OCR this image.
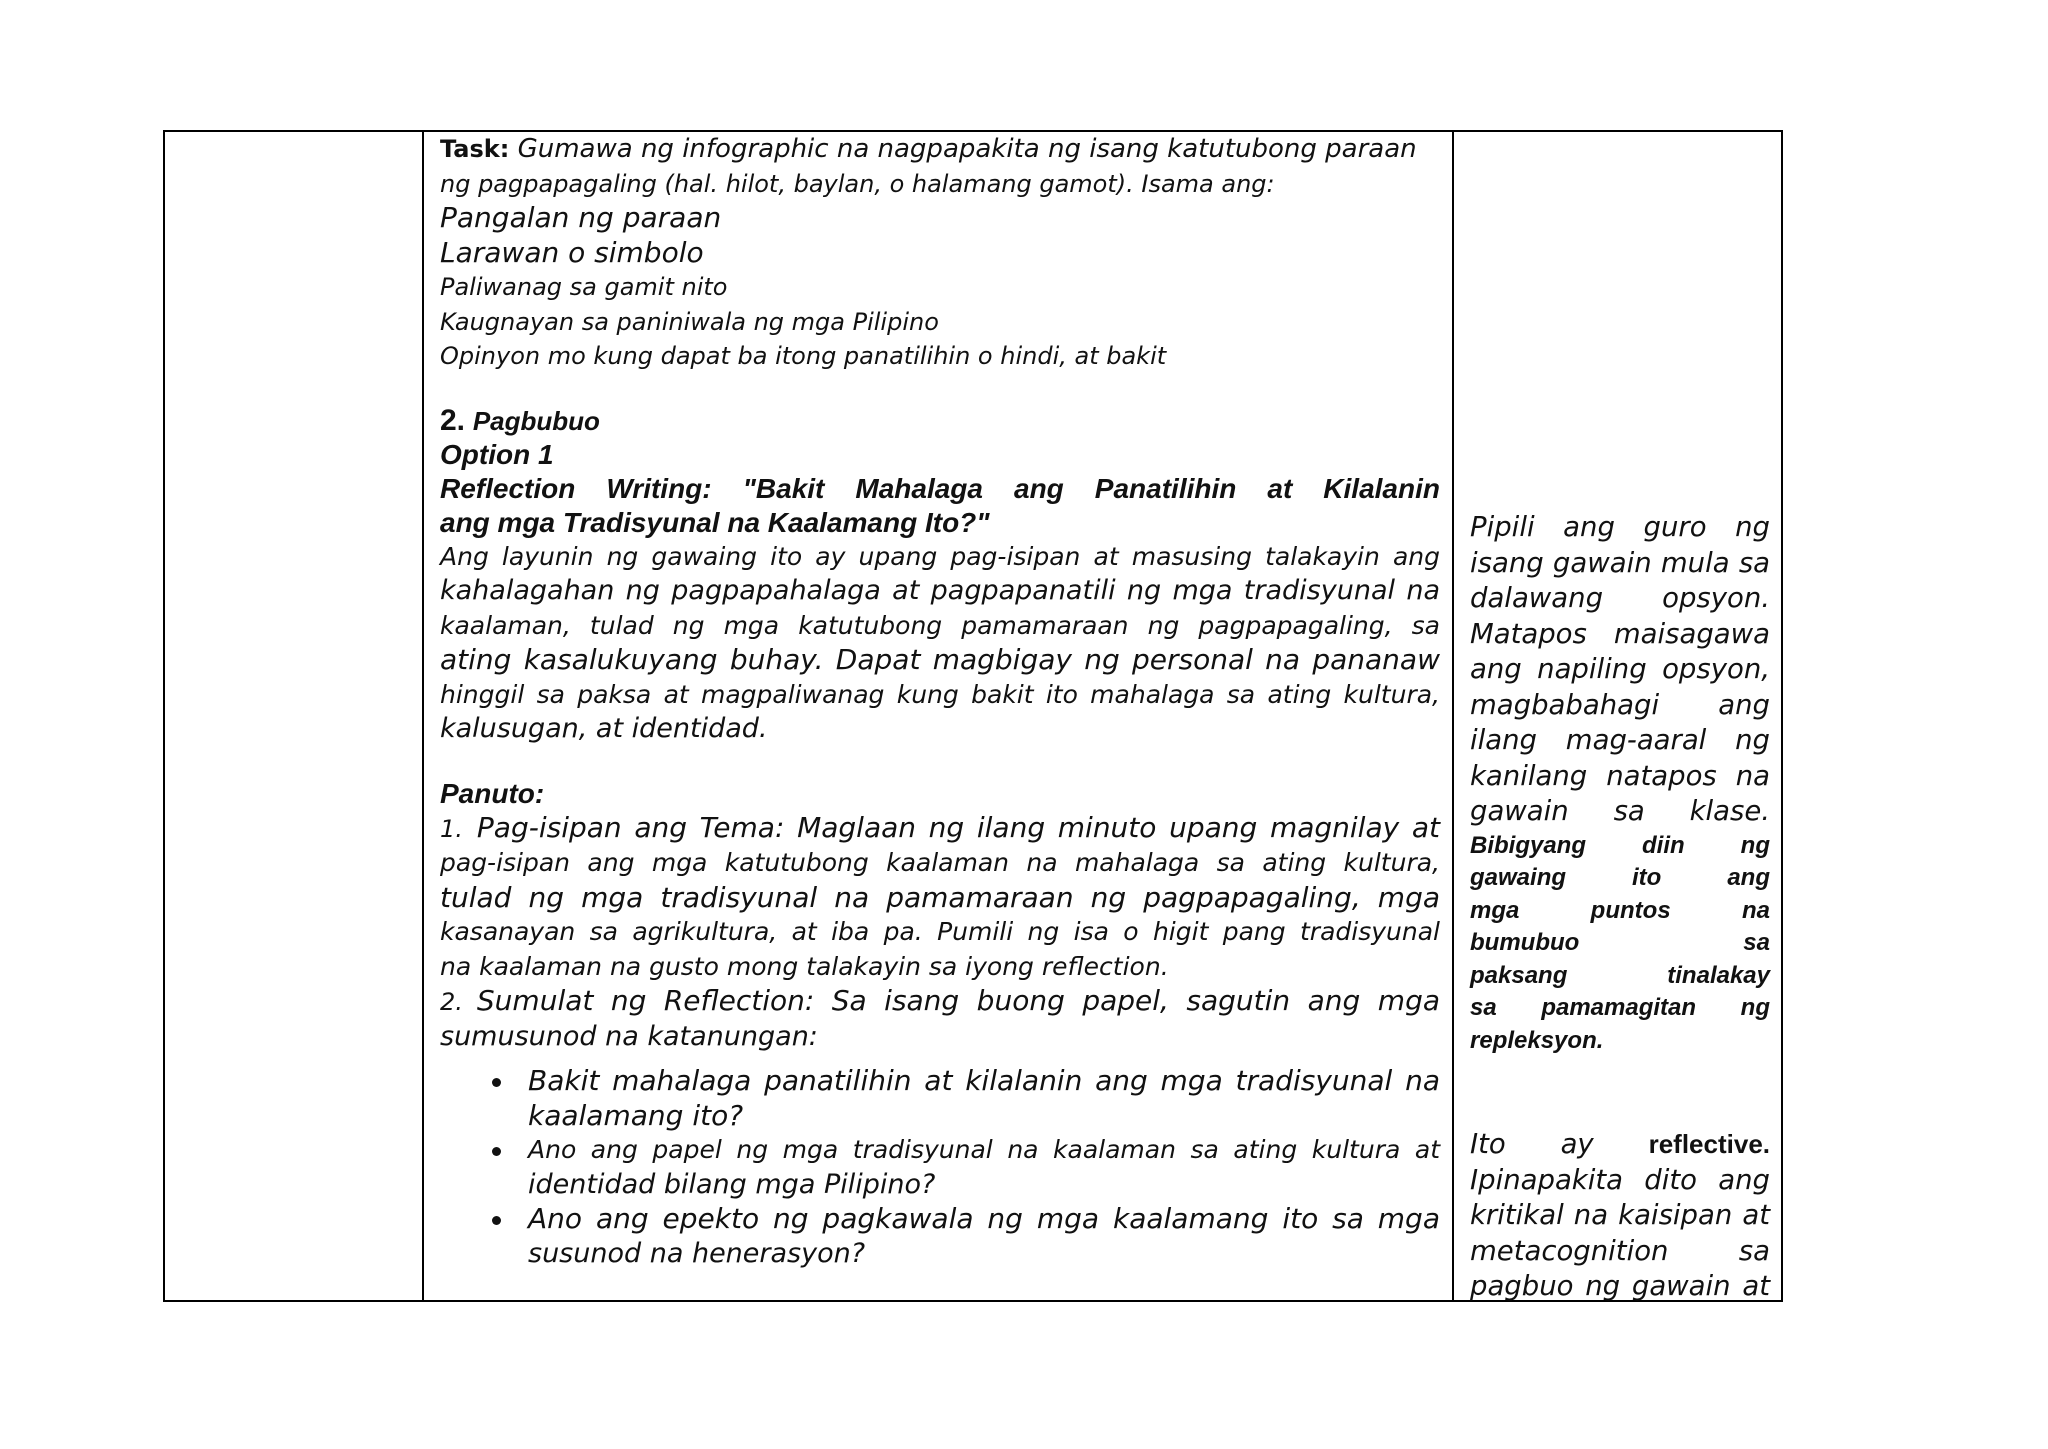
Task: Gumawa ng infographic na nagpapakita ng isang katutubong paraan
ng pagpapagaling (hal. hilot, baylan, o halamang gamot). Isama ang:
Pangalan ng paraan
Larawan o simbolo
Paliwanag sa gamit nito
Kaugnayan sa paniniwala ng mga Pilipino
Opinyon mo kung dapat ba itong panatilihin o hindi, at bakit
2. Pagbubuo
Option 1
Reflection Writing: "Bakit Mahalaga ang Panatilihin at Kilalanin
ang mga Tradisyunal na Kaalamang Ito?"
Ang layunin ng gawaing ito ay upang pag-isipan at masusing talakayin ang
kahalagahan ng pagpapahalaga at pagpapanatili ng mga tradisyunal na
kaalaman, tulad ng mga katutubong pamamaraan ng pagpapagaling, sa
ating kasalukuyang buhay. Dapat magbigay ng personal na pananaw
hinggil sa paksa at magpaliwanag kung bakit ito mahalaga sa ating kultura,
kalusugan, at identidad.
Panuto:
1. Pag-isipan ang Tema: Maglaan ng ilang minuto upang magnilay at
pag-isipan ang mga katutubong kaalaman na mahalaga sa ating kultura,
tulad ng mga tradisyunal na pamamaraan ng pagpapagaling, mga
kasanayan sa agrikultura, at iba pa. Pumili ng isa o higit pang tradisyunal
na kaalaman na gusto mong talakayin sa iyong reflection.
2. Sumulat ng Reflection: Sa isang buong papel, sagutin ang mga
sumusunod na katanungan:
Bakit mahalaga panatilihin at kilalanin ang mga tradisyunal na
kaalamang ito?
Ano ang papel ng mga tradisyunal na kaalaman sa ating kultura at
identidad bilang mga Pilipino?
Ano ang epekto ng pagkawala ng mga kaalamang ito sa mga
susunod na henerasyon?
Pipili ang guro ng
isang gawain mula sa
dalawang opsyon.
Matapos maisagawa
ang napiling opsyon,
magbabahagi ang
ilang mag-aaral ng
kanilang natapos na
gawain sa klase.
Bibigyang diin ng
gawaing ito ang
mga puntos na
bumubuo sa
paksang tinalakay
sa pamamagitan ng
repleksyon.
Ito ay reflective.
Ipinapakita dito ang
kritikal na kaisipan at
metacognition sa
pagbuo ng gawain at
